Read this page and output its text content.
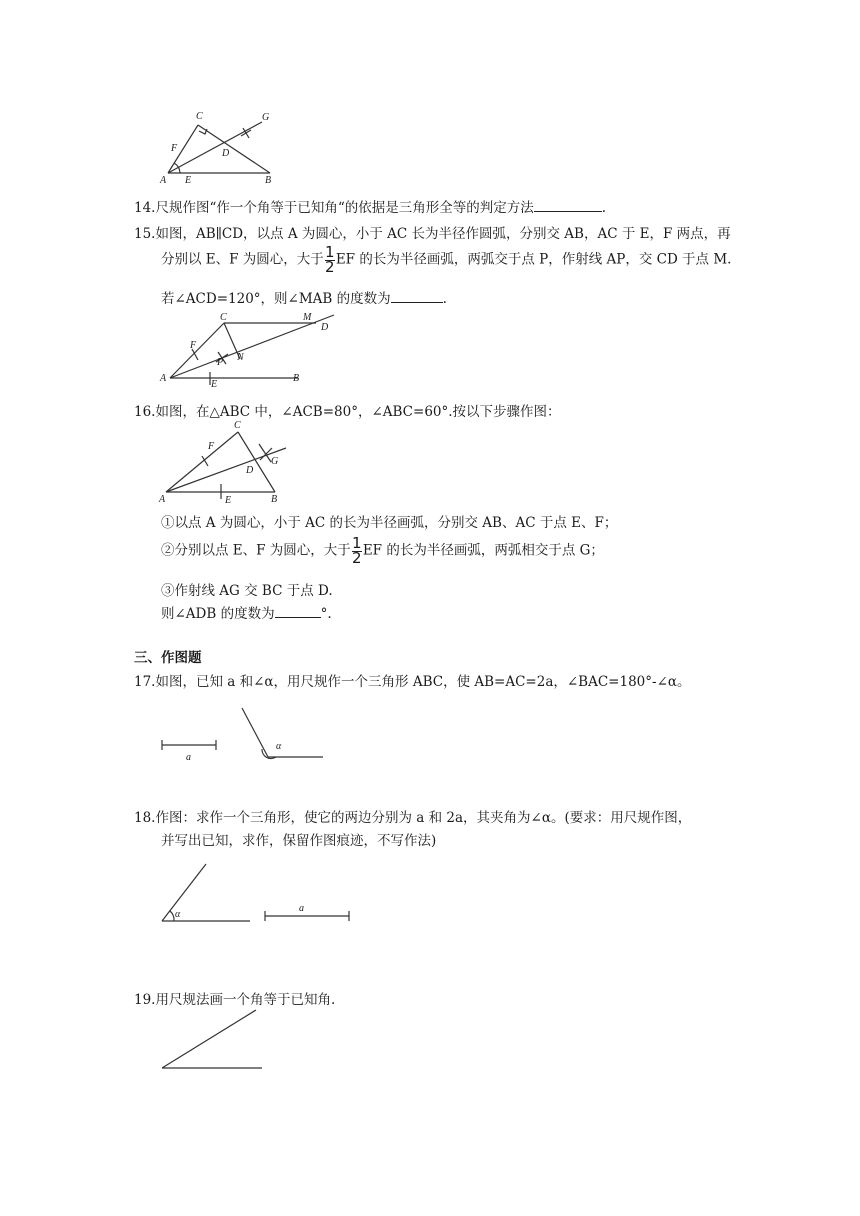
C	G
F	D
A E	B
14.尺规作图“作一个角等于已知角“的依据是三角形全等的判定方法	.
15.如图，AB∥CD，以点 A 为圆心，小于 AC 长为半径作圆弧，分别交 AB，AC 于 E，F 两点，再
分别以 E、F 为圆心，大于 $\frac{1}{2}$ EF 的长为半径画弧，两弧交于点 P，作射线 AP，交 CD 于点 M.
若∠ACD=120°，则∠MAB 的度数为	.
C	M
D
F
P N
A
E
B
16.如图，在△ABC 中，∠ACB=80°，∠ABC=60°.按以下步骤作图：
C
F
G
D
A	E	B
①以点 A 为圆心，小于 AC 的长为半径画弧，分别交 AB、AC 于点 E、F；
②分别以点 E、F 为圆心，大于 $\frac{1}{2}$ EF 的长为半径画弧，两弧相交于点 G；
③作射线 AG 交 BC 于点 D.
则∠ADB 的度数为	°.
三、作图题
17.如图，已知 a 和∠α，用尺规作一个三角形 ABC，使 AB=AC=2a，∠BAC=180°-∠α。
a
α
18.作图：求作一个三角形，使它的两边分别为 a 和 2a，其夹角为∠α。(要求：用尺规作图，
并写出已知，求作，保留作图痕迹，不写作法)
α
a
19.用尺规法画一个角等于已知角.
